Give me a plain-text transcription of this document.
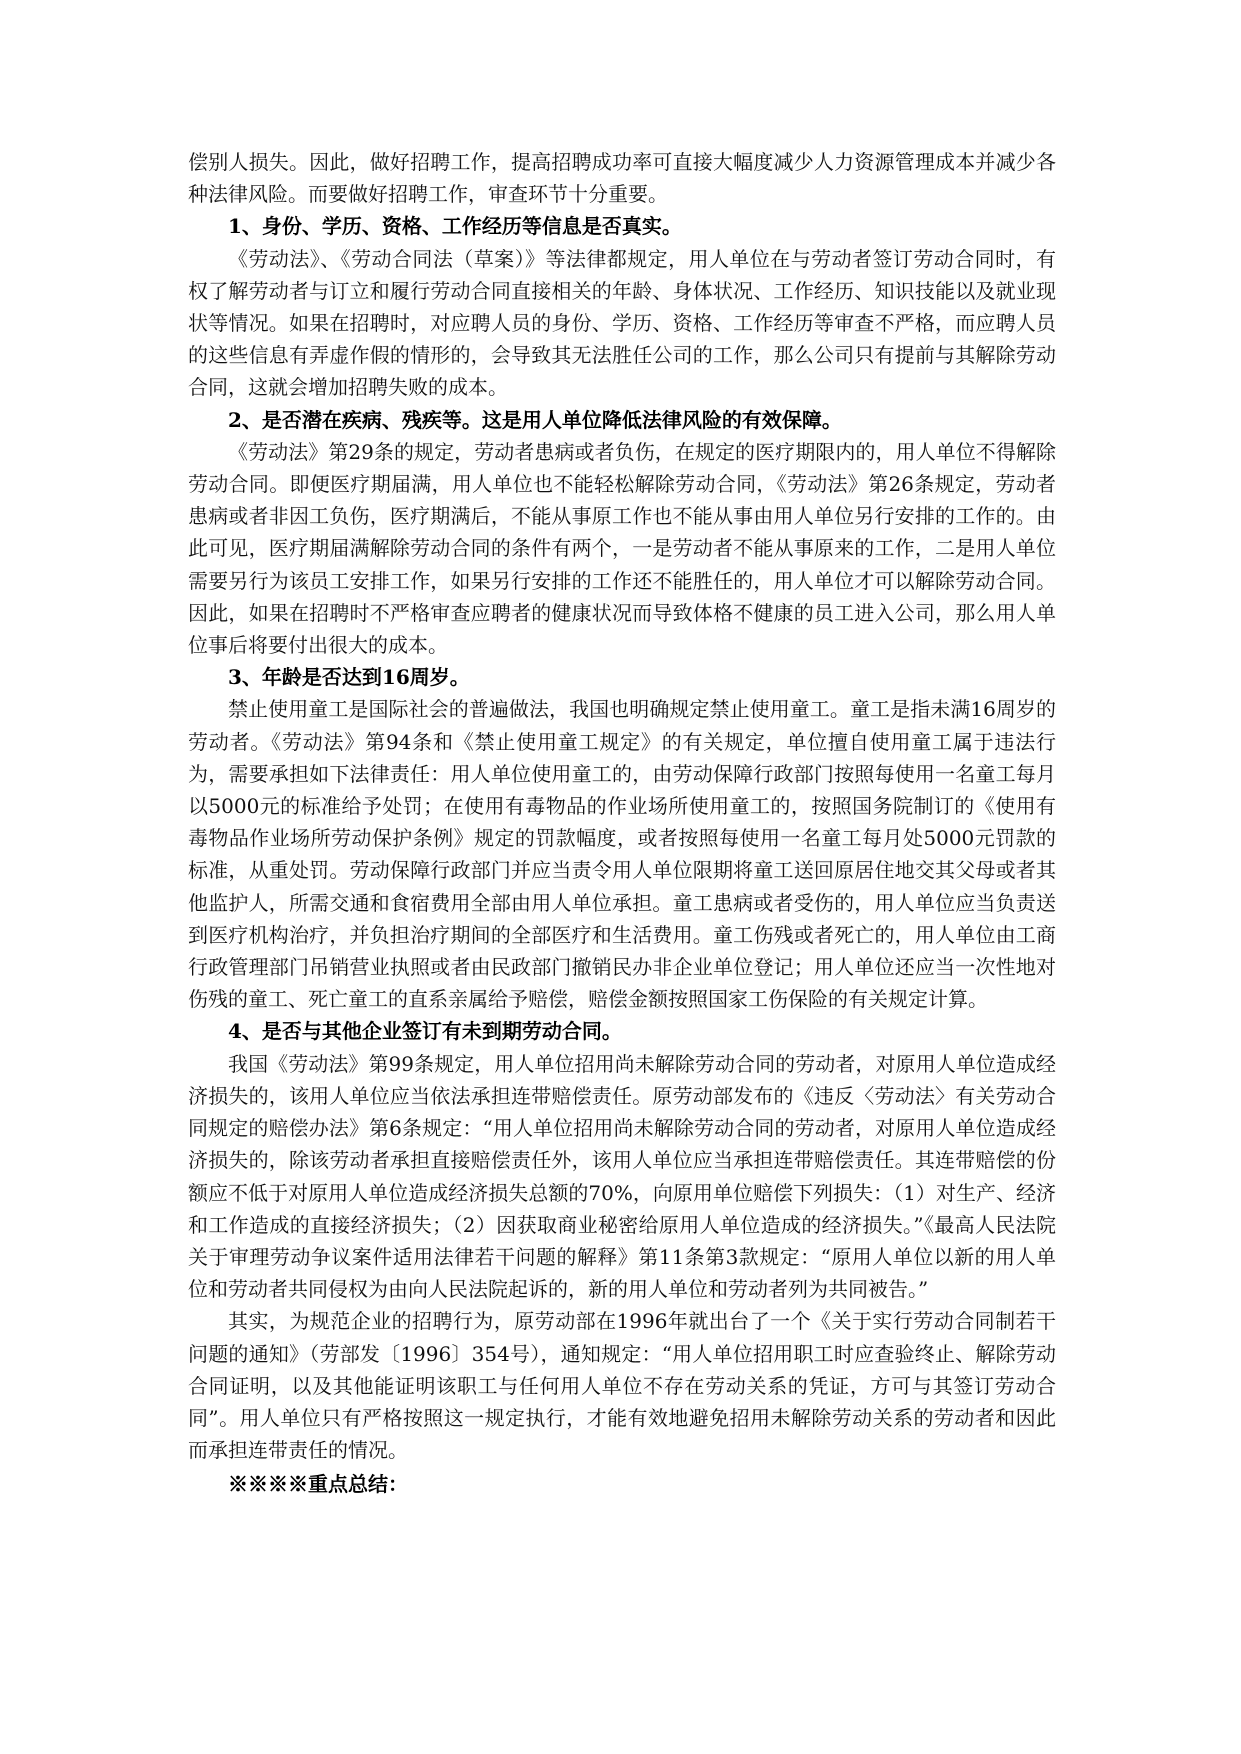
偿别人损失。因此，做好招聘工作，提高招聘成功率可直接大幅度减少人力资源管理成本并减少各种法律风险。而要做好招聘工作，审查环节十分重要。

1、身份、学历、资格、工作经历等信息是否真实。

《劳动法》、《劳动合同法（草案）》等法律都规定，用人单位在与劳动者签订劳动合同时，有权了解劳动者与订立和履行劳动合同直接相关的年龄、身体状况、工作经历、知识技能以及就业现状等情况。如果在招聘时，对应聘人员的身份、学历、资格、工作经历等审查不严格，而应聘人员的这些信息有弄虚作假的情形的，会导致其无法胜任公司的工作，那么公司只有提前与其解除劳动合同，这就会增加招聘失败的成本。

2、是否潜在疾病、残疾等。这是用人单位降低法律风险的有效保障。

《劳动法》第29条的规定，劳动者患病或者负伤，在规定的医疗期限内的，用人单位不得解除劳动合同。即便医疗期届满，用人单位也不能轻松解除劳动合同，《劳动法》第26条规定，劳动者患病或者非因工负伤，医疗期满后，不能从事原工作也不能从事由用人单位另行安排的工作的。由此可见，医疗期届满解除劳动合同的条件有两个，一是劳动者不能从事原来的工作，二是用人单位需要另行为该员工安排工作，如果另行安排的工作还不能胜任的，用人单位才可以解除劳动合同。因此，如果在招聘时不严格审查应聘者的健康状况而导致体格不健康的员工进入公司，那么用人单位事后将要付出很大的成本。

3、年龄是否达到16周岁。

禁止使用童工是国际社会的普遍做法，我国也明确规定禁止使用童工。童工是指未满16周岁的劳动者。《劳动法》第94条和《禁止使用童工规定》的有关规定，单位擅自使用童工属于违法行为，需要承担如下法律责任：用人单位使用童工的，由劳动保障行政部门按照每使用一名童工每月以5000元的标准给予处罚；在使用有毒物品的作业场所使用童工的，按照国务院制订的《使用有毒物品作业场所劳动保护条例》规定的罚款幅度，或者按照每使用一名童工每月处5000元罚款的标准，从重处罚。劳动保障行政部门并应当责令用人单位限期将童工送回原居住地交其父母或者其他监护人，所需交通和食宿费用全部由用人单位承担。童工患病或者受伤的，用人单位应当负责送到医疗机构治疗，并负担治疗期间的全部医疗和生活费用。童工伤残或者死亡的，用人单位由工商行政管理部门吊销营业执照或者由民政部门撤销民办非企业单位登记；用人单位还应当一次性地对伤残的童工、死亡童工的直系亲属给予赔偿，赔偿金额按照国家工伤保险的有关规定计算。

4、是否与其他企业签订有未到期劳动合同。

我国《劳动法》第99条规定，用人单位招用尚未解除劳动合同的劳动者，对原用人单位造成经济损失的，该用人单位应当依法承担连带赔偿责任。原劳动部发布的《违反〈劳动法〉有关劳动合同规定的赔偿办法》第6条规定：“用人单位招用尚未解除劳动合同的劳动者，对原用人单位造成经济损失的，除该劳动者承担直接赔偿责任外，该用人单位应当承担连带赔偿责任。其连带赔偿的份额应不低于对原用人单位造成经济损失总额的70%，向原用单位赔偿下列损失：（1）对生产、经济和工作造成的直接经济损失；（2）因获取商业秘密给原用人单位造成的经济损失。”《最高人民法院关于审理劳动争议案件适用法律若干问题的解释》第11条第3款规定：“原用人单位以新的用人单位和劳动者共同侵权为由向人民法院起诉的，新的用人单位和劳动者列为共同被告。”

其实，为规范企业的招聘行为，原劳动部在1996年就出台了一个《关于实行劳动合同制若干问题的通知》（劳部发〔1996〕354号），通知规定：“用人单位招用职工时应查验终止、解除劳动合同证明，以及其他能证明该职工与任何用人单位不存在劳动关系的凭证，方可与其签订劳动合同”。用人单位只有严格按照这一规定执行，才能有效地避免招用未解除劳动关系的劳动者和因此而承担连带责任的情况。

※※※※重点总结：
